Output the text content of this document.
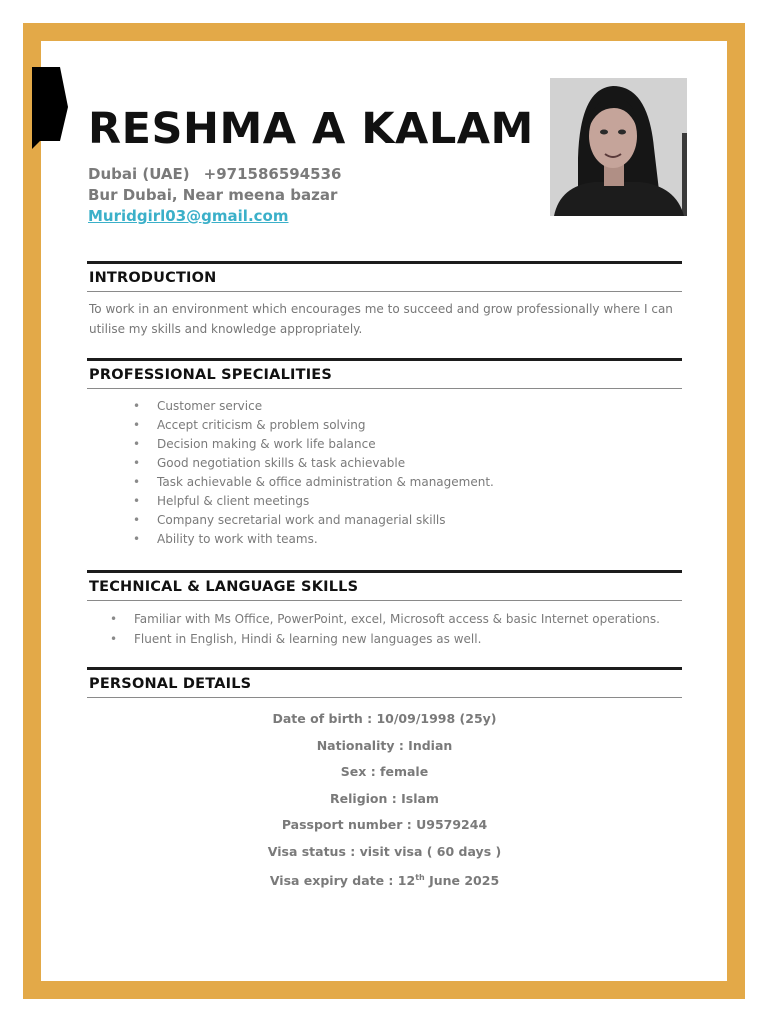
RESHMA A KALAM
Dubai (UAE) +971586594536
Bur Dubai, Near meena bazar
Muridgirl03@gmail.com
INTRODUCTION
To work in an environment which encourages me to succeed and grow professionally where I can
utilise my skills and knowledge appropriately.
PROFESSIONAL SPECIALITIES
• Customer service
• Accept criticism & problem solving
• Decision making & work life balance
• Good negotiation skills & task achievable
• Task achievable & office administration & management.
• Helpful & client meetings
• Company secretarial work and managerial skills
• Ability to work with teams.
TECHNICAL & LANGUAGE SKILLS
• Familiar with Ms Office, PowerPoint, excel, Microsoft access & basic Internet operations.
• Fluent in English, Hindi & learning new languages as well.
PERSONAL DETAILS
Date of birth : 10/09/1998 (25y)
Nationality : Indian
Sex : female
Religion : Islam
Passport number : U9579244
Visa status : visit visa ( 60 days )
Visa expiry date : 12th June 2025
